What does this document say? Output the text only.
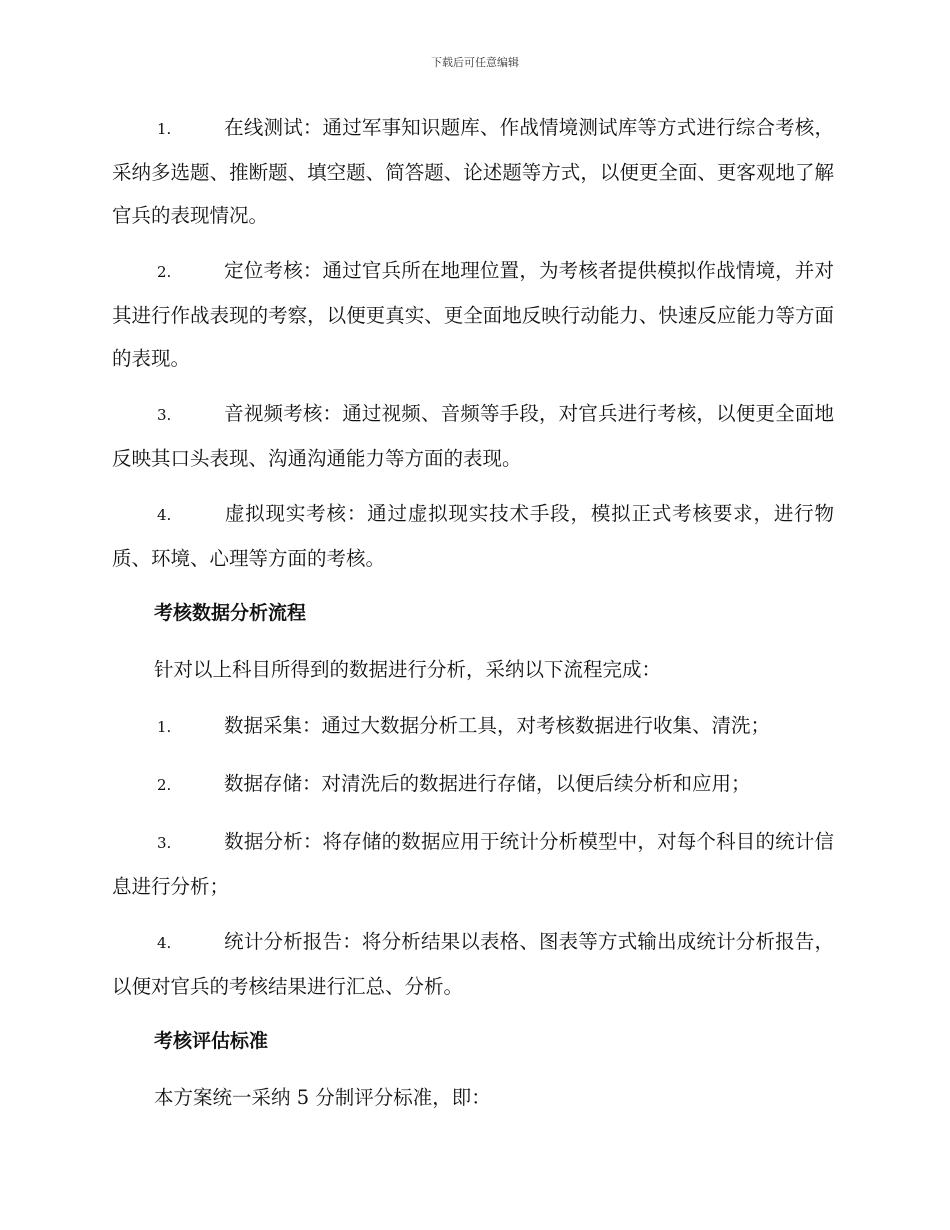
下载后可任意编辑

1.	在线测试：通过军事知识题库、作战情境测试库等方式进行综合考核，采纳多选题、推断题、填空题、简答题、论述题等方式，以便更全面、更客观地了解官兵的表现情况。

2.	定位考核：通过官兵所在地理位置，为考核者提供模拟作战情境，并对其进行作战表现的考察，以便更真实、更全面地反映行动能力、快速反应能力等方面的表现。

3.	音视频考核：通过视频、音频等手段，对官兵进行考核，以便更全面地反映其口头表现、沟通沟通能力等方面的表现。

4.	虚拟现实考核：通过虚拟现实技术手段，模拟正式考核要求，进行物质、环境、心理等方面的考核。

考核数据分析流程

针对以上科目所得到的数据进行分析，采纳以下流程完成：

1.	数据采集：通过大数据分析工具，对考核数据进行收集、清洗；

2.	数据存储：对清洗后的数据进行存储，以便后续分析和应用；

3.	数据分析：将存储的数据应用于统计分析模型中，对每个科目的统计信息进行分析；

4.	统计分析报告：将分析结果以表格、图表等方式输出成统计分析报告，以便对官兵的考核结果进行汇总、分析。

考核评估标准

本方案统一采纳 5 分制评分标准，即：
